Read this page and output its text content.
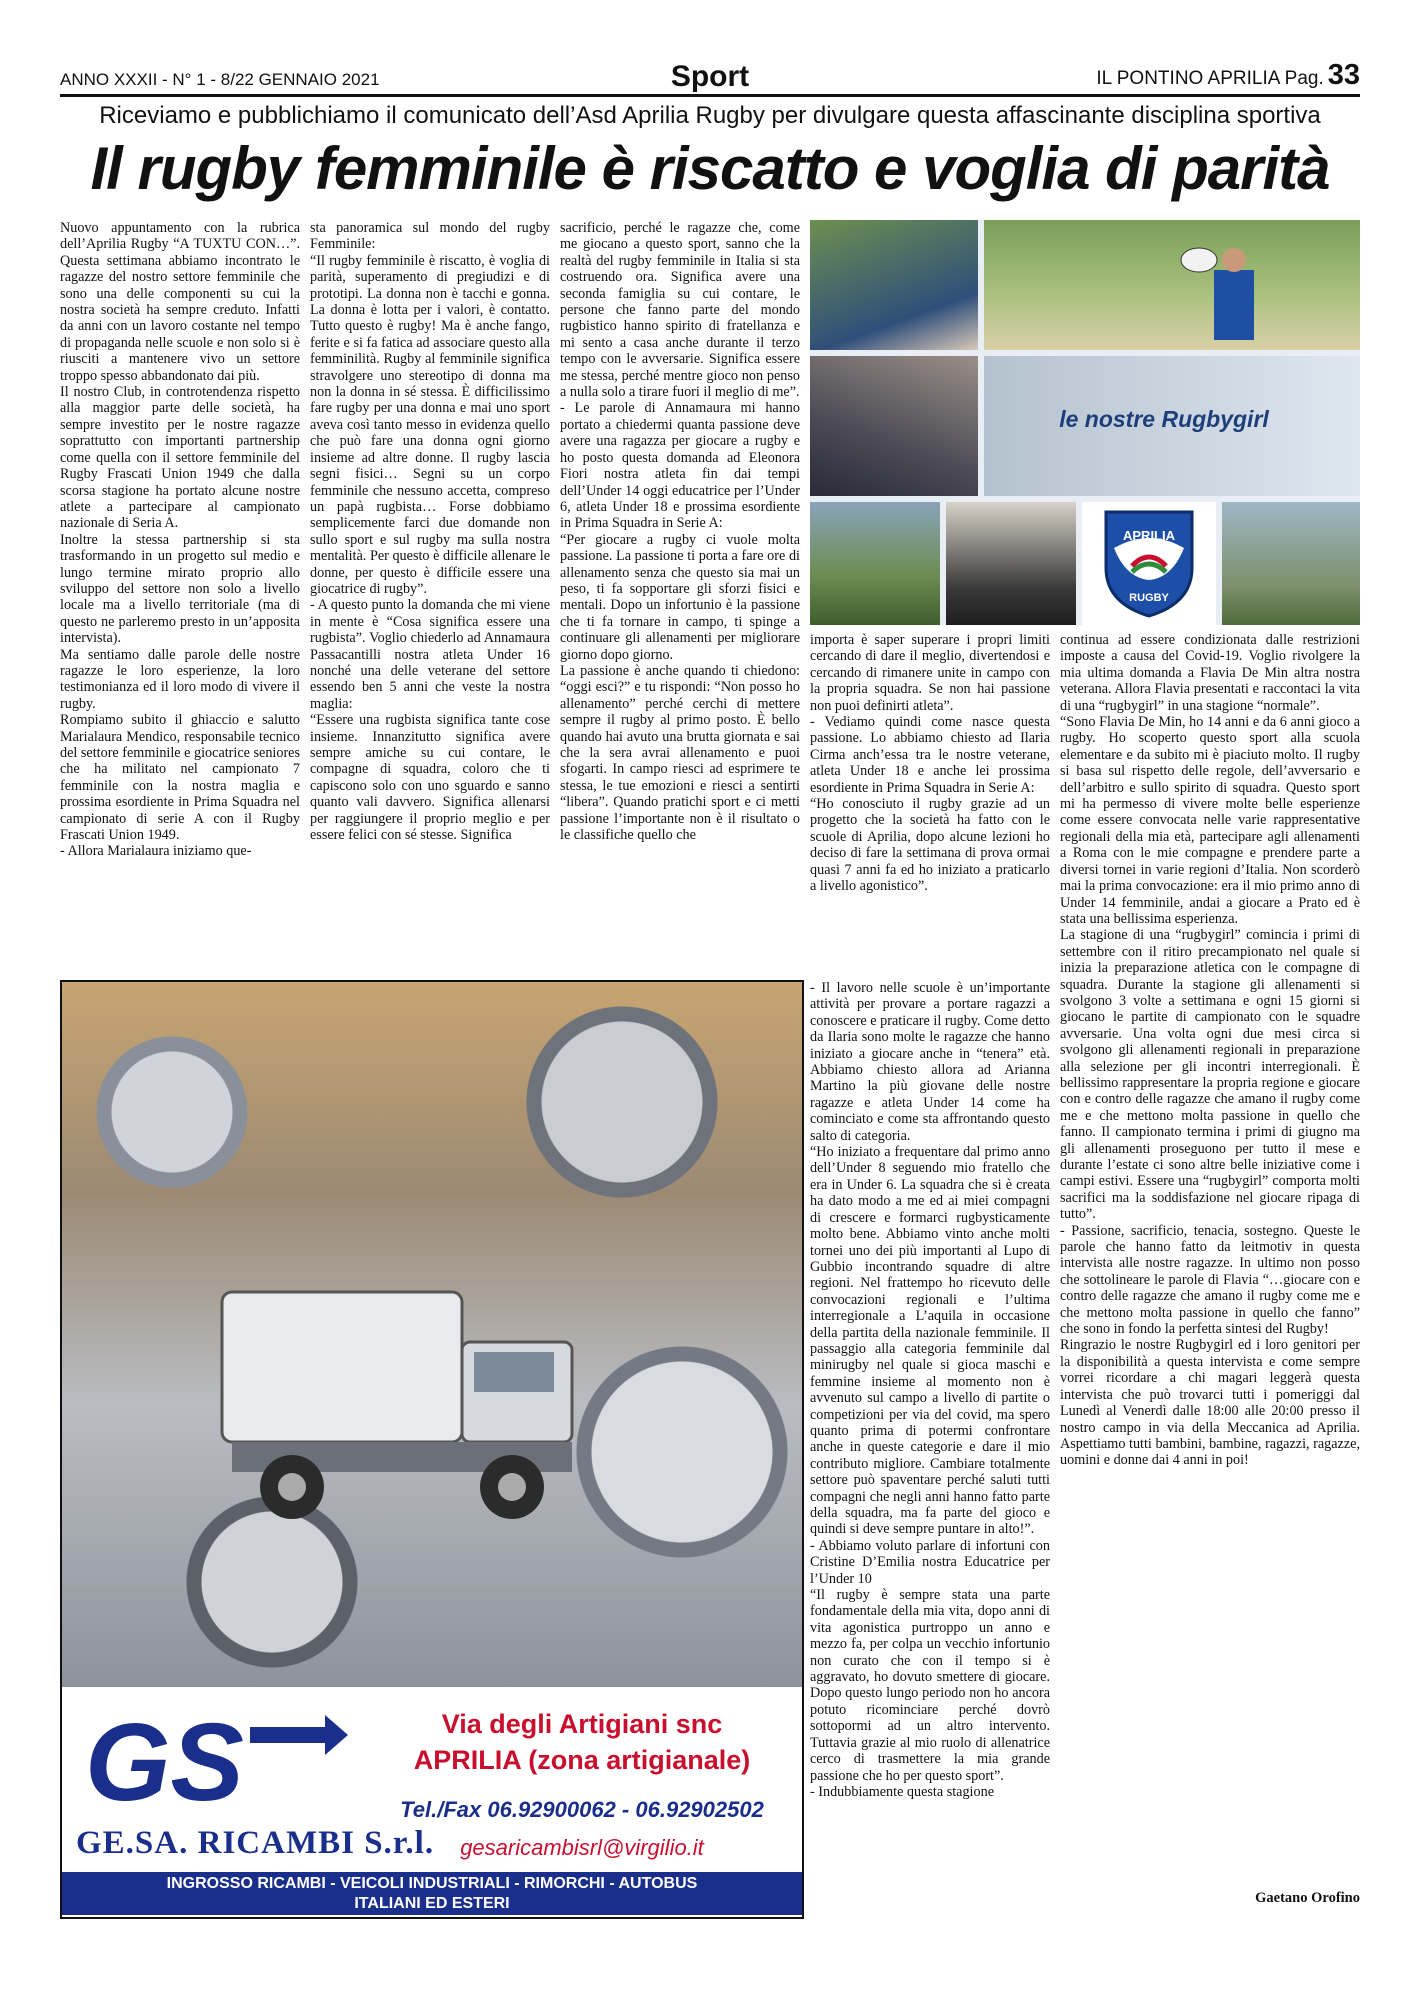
ANNO XXXII - N° 1 - 8/22 GENNAIO 2021	Sport	IL PONTINO APRILIA Pag. 33
Riceviamo e pubblichiamo il comunicato dell’Asd Aprilia Rugby per divulgare questa affascinante disciplina sportiva
Il rugby femminile è riscatto e voglia di parità

Nuovo appuntamento con la rubrica dell’Aprilia Rugby “A TUXTU CON…”. Questa settimana abbiamo incontrato le ragazze del nostro settore femminile che sono una delle componenti su cui la nostra società ha sempre creduto. Infatti da anni con un lavoro costante nel tempo di propaganda nelle scuole e non solo si è riusciti a mantenere vivo un settore troppo spesso abbandonato dai più.
Il nostro Club, in controtendenza rispetto alla maggior parte delle società, ha sempre investito per le nostre ragazze soprattutto con importanti partnership come quella con il settore femminile del Rugby Frascati Union 1949 che dalla scorsa stagione ha portato alcune nostre atlete a partecipare al campionato nazionale di Seria A.
Inoltre la stessa partnership si sta trasformando in un progetto sul medio e lungo termine mirato proprio allo sviluppo del settore non solo a livello locale ma a livello territoriale (ma di questo ne parleremo presto in un’apposita intervista).
Ma sentiamo dalle parole delle nostre ragazze le loro esperienze, la loro testimonianza ed il loro modo di vivere il rugby.
Rompiamo subito il ghiaccio e salutto Marialaura Mendico, responsabile tecnico del settore femminile e giocatrice seniores che ha militato nel campionato 7 femminile con la nostra maglia e prossima esordiente in Prima Squadra nel campionato di serie A con il Rugby Frascati Union 1949.
- Allora Marialaura iniziamo que-

sta panoramica sul mondo del rugby Femminile:
“Il rugby femminile è riscatto, è voglia di parità, superamento di pregiudizi e di prototipi. La donna non è tacchi e gonna. La donna è lotta per i valori, è contatto. Tutto questo è rugby! Ma è anche fango, ferite e si fa fatica ad associare questo alla femminilità. Rugby al femminile significa stravolgere uno stereotipo di donna ma non la donna in sé stessa. È difficilissimo fare rugby per una donna e mai uno sport aveva così tanto messo in evidenza quello che può fare una donna ogni giorno insieme ad altre donne. Il rugby lascia segni fisici… Segni su un corpo femminile che nessuno accetta, compreso un papà rugbista… Forse dobbiamo semplicemente farci due domande non sullo sport e sul rugby ma sulla nostra mentalità. Per questo è difficile allenare le donne, per questo è difficile essere una giocatrice di rugby”.
- A questo punto la domanda che mi viene in mente è “Cosa significa essere una rugbista”. Voglio chiederlo ad Annamaura Passacantilli nostra atleta Under 16 nonché una delle veterane del settore essendo ben 5 anni che veste la nostra maglia:
“Essere una rugbista significa tante cose insieme. Innanzitutto significa avere sempre amiche su cui contare, le compagne di squadra, coloro che ti capiscono solo con uno sguardo e sanno quanto vali davvero. Significa allenarsi per raggiungere il proprio meglio e per essere felici con sé stesse. Significa

sacrificio, perché le ragazze che, come me giocano a questo sport, sanno che la realtà del rugby femminile in Italia si sta costruendo ora. Significa avere una seconda famiglia su cui contare, le persone che fanno parte del mondo rugbistico hanno spirito di fratellanza e mi sento a casa anche durante il terzo tempo con le avversarie. Significa essere me stessa, perché mentre gioco non penso a nulla solo a tirare fuori il meglio di me”.
- Le parole di Annamaura mi hanno portato a chiedermi quanta passione deve avere una ragazza per giocare a rugby e ho posto questa domanda ad Eleonora Fiori nostra atleta fin dai tempi dell’Under 14 oggi educatrice per l’Under 6, atleta Under 18 e prossima esordiente in Prima Squadra in Serie A:
“Per giocare a rugby ci vuole molta passione. La passione ti porta a fare ore di allenamento senza che questo sia mai un peso, ti fa sopportare gli sforzi fisici e mentali. Dopo un infortunio è la passione che ti fa tornare in campo, ti spinge a continuare gli allenamenti per migliorare giorno dopo giorno.
La passione è anche quando ti chiedono: “oggi esci?” e tu rispondi: “Non posso ho allenamento” perché cerchi di mettere sempre il rugby al primo posto. È bello quando hai avuto una brutta giornata e sai che la sera avrai allenamento e puoi sfogarti. In campo riesci ad esprimere te stessa, le tue emozioni e riesci a sentirti “libera”. Quando pratichi sport e ci metti passione l’importante non è il risultato o le classifiche quello che

le nostre Rugbygirl
APRILIA
RUGBY

importa è saper superare i propri limiti cercando di dare il meglio, divertendosi e cercando di rimanere unite in campo con la propria squadra. Se non hai passione non puoi definirti atleta”.
- Vediamo quindi come nasce questa passione. Lo abbiamo chiesto ad Ilaria Cirma anch’essa tra le nostre veterane, atleta Under 18 e anche lei prossima esordiente in Prima Squadra in Serie A:
“Ho conosciuto il rugby grazie ad un progetto che la società ha fatto con le scuole di Aprilia, dopo alcune lezioni ho deciso di fare la settimana di prova ormai quasi 7 anni fa ed ho iniziato a praticarlo a livello agonistico”.

- Il lavoro nelle scuole è un’importante attività per provare a portare ragazzi a conoscere e praticare il rugby. Come detto da Ilaria sono molte le ragazze che hanno iniziato a giocare anche in “tenera” età. Abbiamo chiesto allora ad Arianna Martino la più giovane delle nostre ragazze e atleta Under 14 come ha cominciato e come sta affrontando questo salto di categoria.
“Ho iniziato a frequentare dal primo anno dell’Under 8 seguendo mio fratello che era in Under 6. La squadra che si è creata ha dato modo a me ed ai miei compagni di crescere e formarci rugbysticamente molto bene. Abbiamo vinto anche molti tornei uno dei più importanti al Lupo di Gubbio incontrando squadre di altre regioni. Nel frattempo ho ricevuto delle convocazioni regionali e l’ultima interregionale a L’aquila in occasione della partita della nazionale femminile. Il passaggio alla categoria femminile dal minirugby nel quale si gioca maschi e femmine insieme al momento non è avvenuto sul campo a livello di partite o competizioni per via del covid, ma spero quanto prima di potermi confrontare anche in queste categorie e dare il mio contributo migliore. Cambiare totalmente settore può spaventare perché saluti tutti compagni che negli anni hanno fatto parte della squadra, ma fa parte del gioco e quindi si deve sempre puntare in alto!”.
- Abbiamo voluto parlare di infortuni con Cristine D’Emilia nostra Educatrice per l’Under 10
“Il rugby è sempre stata una parte fondamentale della mia vita, dopo anni di vita agonistica purtroppo un anno e mezzo fa, per colpa un vecchio infortunio non curato che con il tempo si è aggravato, ho dovuto smettere di giocare. Dopo questo lungo periodo non ho ancora potuto ricominciare perché dovrò sottopormi ad un altro intervento. Tuttavia grazie al mio ruolo di allenatrice cerco di trasmettere la mia grande passione che ho per questo sport”.
- Indubbiamente questa stagione

continua ad essere condizionata dalle restrizioni imposte a causa del Covid-19. Voglio rivolgere la mia ultima domanda a Flavia De Min altra nostra veterana. Allora Flavia presentati e raccontaci la vita di una “rugbygirl” in una stagione “normale”.
“Sono Flavia De Min, ho 14 anni e da 6 anni gioco a rugby. Ho scoperto questo sport alla scuola elementare e da subito mi è piaciuto molto. Il rugby si basa sul rispetto delle regole, dell’avversario e dell’arbitro e sullo spirito di squadra. Questo sport mi ha permesso di vivere molte belle esperienze come essere convocata nelle varie rappresentative regionali della mia età, partecipare agli allenamenti a Roma con le mie compagne e prendere parte a diversi tornei in varie regioni d’Italia. Non scorderò mai la prima convocazione: era il mio primo anno di Under 14 femminile, andai a giocare a Prato ed è stata una bellissima esperienza.
La stagione di una “rugbygirl” comincia i primi di settembre con il ritiro precampionato nel quale si inizia la preparazione atletica con le compagne di squadra. Durante la stagione gli allenamenti si svolgono 3 volte a settimana e ogni 15 giorni si giocano le partite di campionato con le squadre avversarie. Una volta ogni due mesi circa si svolgono gli allenamenti regionali in preparazione alla selezione per gli incontri interregionali. È bellissimo rappresentare la propria regione e giocare con e contro delle ragazze che amano il rugby come me e che mettono molta passione in quello che fanno. Il campionato termina i primi di giugno ma gli allenamenti proseguono per tutto il mese e durante l’estate ci sono altre belle iniziative come i campi estivi. Essere una “rugbygirl” comporta molti sacrifici ma la soddisfazione nel giocare ripaga di tutto”.
- Passione, sacrificio, tenacia, sostegno. Queste le parole che hanno fatto da leitmotiv in questa intervista alle nostre ragazze. In ultimo non posso che sottolineare le parole di Flavia “…giocare con e contro delle ragazze che amano il rugby come me e che mettono molta passione in quello che fanno” che sono in fondo la perfetta sintesi del Rugby!
Ringrazio le nostre Rugbygirl ed i loro genitori per la disponibilità a questa intervista e come sempre vorrei ricordare a chi magari leggerà questa intervista che può trovarci tutti i pomeriggi dal Lunedì al Venerdì dalle 18:00 alle 20:00 presso il nostro campo in via della Meccanica ad Aprilia. Aspettiamo tutti bambini, bambine, ragazzi, ragazze, uomini e donne dai 4 anni in poi!

Gaetano Orofino
GS
GE.SA. RICAMBI S.r.l.
Via degli Artigiani snc
APRILIA (zona artigianale)
Tel./Fax 06.92900062 - 06.92902502
gesaricambisrl@virgilio.it
INGROSSO RICAMBI - VEICOLI INDUSTRIALI - RIMORCHI - AUTOBUS
ITALIANI ED ESTERI
